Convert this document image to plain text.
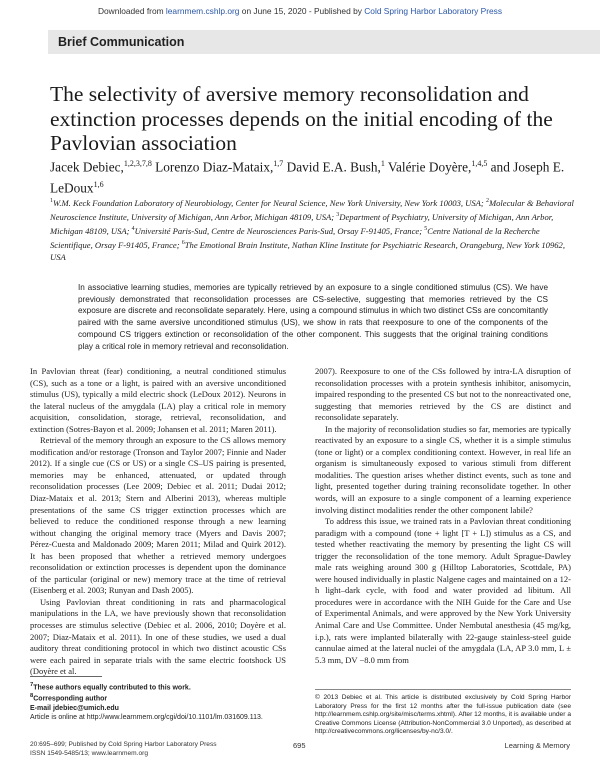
Downloaded from learnmem.cshlp.org on June 15, 2020 - Published by Cold Spring Harbor Laboratory Press
Brief Communication
The selectivity of aversive memory reconsolidation and extinction processes depends on the initial encoding of the Pavlovian association

Jacek Debiec,$^{1,2,3,7,8}$ Lorenzo Diaz-Mataix,$^{1,7}$ David E.A. Bush,$^1$ Valérie Doyère,$^{1,4,5}$ and Joseph E. LeDoux$^{1,6}$

$^1$W.M. Keck Foundation Laboratory of Neurobiology, Center for Neural Science, New York University, New York 10003, USA; $^2$Molecular & Behavioral Neuroscience Institute, University of Michigan, Ann Arbor, Michigan 48109, USA; $^3$Department of Psychiatry, University of Michigan, Ann Arbor, Michigan 48109, USA; $^4$Université Paris-Sud, Centre de Neurosciences Paris-Sud, Orsay F-91405, France; $^5$Centre National de la Recherche Scientifique, Orsay F-91405, France; $^6$The Emotional Brain Institute, Nathan Kline Institute for Psychiatric Research, Orangeburg, New York 10962, USA

In associative learning studies, memories are typically retrieved by an exposure to a single conditioned stimulus (CS). We have previously demonstrated that reconsolidation processes are CS-selective, suggesting that memories retrieved by the CS exposure are discrete and reconsolidate separately. Here, using a compound stimulus in which two distinct CSs are concomitantly paired with the same aversive unconditioned stimulus (US), we show in rats that reexposure to one of the components of the compound CS triggers extinction or reconsolidation of the other component. This suggests that the original training conditions play a critical role in memory retrieval and reconsolidation.

In Pavlovian threat (fear) conditioning, a neutral conditioned stimulus (CS), such as a tone or a light, is paired with an aversive unconditioned stimulus (US), typically a mild electric shock (LeDoux 2012). Neurons in the lateral nucleus of the amygdala (LA) play a critical role in memory acquisition, consolidation, storage, retrieval, reconsolidation, and extinction (Sotres-Bayon et al. 2009; Johansen et al. 2011; Maren 2011).

Retrieval of the memory through an exposure to the CS allows memory modification and/or restorage (Tronson and Taylor 2007; Finnie and Nader 2012). If a single cue (CS or US) or a single CS–US pairing is presented, memories may be enhanced, attenuated, or updated through reconsolidation processes (Lee 2009; Debiec et al. 2011; Dudai 2012; Diaz-Mataix et al. 2013; Stern and Alberini 2013), whereas multiple presentations of the same CS trigger extinction processes which are believed to reduce the conditioned response through a new learning without changing the original memory trace (Myers and Davis 2007; Pérez-Cuesta and Maldonado 2009; Maren 2011; Milad and Quirk 2012). It has been proposed that whether a retrieved memory undergoes reconsolidation or extinction processes is dependent upon the dominance of the particular (original or new) memory trace at the time of retrieval (Eisenberg et al. 2003; Runyan and Dash 2005).

Using Pavlovian threat conditioning in rats and pharmacological manipulations in the LA, we have previously shown that reconsolidation processes are stimulus selective (Debiec et al. 2006, 2010; Doyère et al. 2007; Diaz-Mataix et al. 2011). In one of these studies, we used a dual auditory threat conditioning protocol in which two distinct acoustic CSs were each paired in separate trials with the same electric footshock US (Doyère et al.

2007). Reexposure to one of the CSs followed by intra-LA disruption of reconsolidation processes with a protein synthesis inhibitor, anisomycin, impaired responding to the presented CS but not to the nonreactivated one, suggesting that memories retrieved by the CS are distinct and reconsolidate separately.

In the majority of reconsolidation studies so far, memories are typically reactivated by an exposure to a single CS, whether it is a simple stimulus (tone or light) or a complex conditioning context. However, in real life an organism is simultaneously exposed to various stimuli from different modalities. The question arises whether distinct events, such as tone and light, presented together during training reconsolidate together. In other words, will an exposure to a single component of a learning experience involving distinct modalities render the other component labile?

To address this issue, we trained rats in a Pavlovian threat conditioning paradigm with a compound (tone + light [T + L]) stimulus as a CS, and tested whether reactivating the memory by presenting the light CS will trigger the reconsolidation of the tone memory. Adult Sprague-Dawley male rats weighing around 300 g (Hilltop Laboratories, Scottdale, PA) were housed individually in plastic Nalgene cages and maintained on a 12-h light–dark cycle, with food and water provided ad libitum. All procedures were in accordance with the NIH Guide for the Care and Use of Experimental Animals, and were approved by the New York University Animal Care and Use Committee. Under Nembutal anesthesia (45 mg/kg, i.p.), rats were implanted bilaterally with 22-gauge stainless-steel guide cannulae aimed at the lateral nuclei of the amygdala (LA, AP 3.0 mm, L ± 5.3 mm, DV −8.0 mm from

$^7$These authors equally contributed to this work.
$^8$Corresponding author
E-mail jdebiec@umich.edu
Article is online at http://www.learnmem.org/cgi/doi/10.1101/lm.031609.113.
© 2013 Debiec et al. This article is distributed exclusively by Cold Spring Harbor Laboratory Press for the first 12 months after the full-issue publication date (see http://learnmem.cshlp.org/site/misc/terms.xhtml). After 12 months, it is available under a Creative Commons License (Attribution-NonCommercial 3.0 Unported), as described at http://creativecommons.org/licenses/by-nc/3.0/.
20:695–699; Published by Cold Spring Harbor Laboratory Press
ISSN 1549-5485/13; www.learnmem.org
695	Learning & Memory
